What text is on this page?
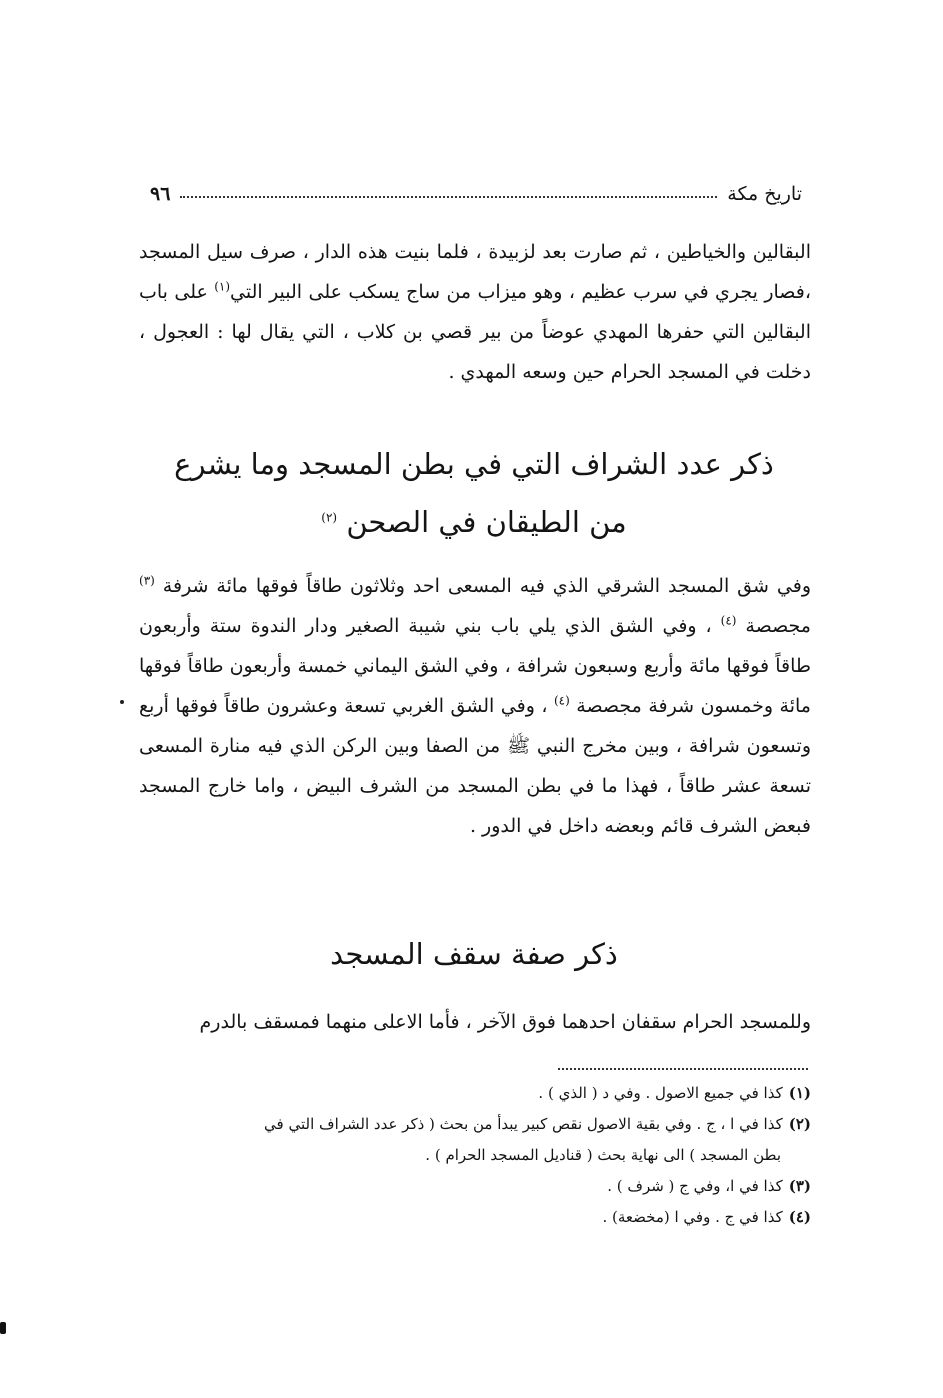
٩٦	تاريخ مكة

البقالين والخياطين ، ثم صارت بعد لزبيدة ، فلما بنيت هذه الدار ، صرف سيل المسجد ،فصار يجري في سرب عظيم ، وهو ميزاب من ساج يسكب على البير التي$^{(١)}$ على باب البقالين التي حفرها المهدي عوضاً من بير قصي بن كلاب ، التي يقال لها : العجول ، دخلت في المسجد الحرام حين وسعه المهدي .

ذكر عدد الشراف التي في بطن المسجد وما يشرع
من الطيقان في الصحن $^{(٢)}$

وفي شق المسجد الشرقي الذي فيه المسعى احد وثلاثون طاقاً فوقها مائة شرفة $^{(٣)}$ مجصصة $^{(٤)}$ ، وفي الشق الذي يلي باب بني شيبة الصغير ودار الندوة ستة وأربعون طاقاً فوقها مائة وأربع وسبعون شرافة ، وفي الشق اليماني خمسة وأربعون طاقاً فوقها مائة وخمسون شرفة مجصصة $^{(٤)}$ ، وفي الشق الغربي تسعة وعشرون طاقاً فوقها أربع وتسعون شرافة ، وبين مخرج النبي ﷺ من الصفا وبين الركن الذي فيه منارة المسعى تسعة عشر طاقاً ، فهذا ما في بطن المسجد من الشرف البيض ، واما خارج المسجد فبعض الشرف قائم وبعضه داخل في الدور .

ذكر صفة سقف المسجد

وللمسجد الحرام سقفان احدهما فوق الآخر ، فأما الاعلى منهما فمسقف بالدرم

(١)كذا في جميع الاصول . وفي د ( الذي ) .

(٢)كذا في ا ، ج . وفي بقية الاصول نقص كبير يبدأ من بحث ( ذكر عدد الشراف التي في
بطن المسجد ) الى نهاية بحث ( قناديل المسجد الحرام ) .

(٣)كذا في ا، وفي ج ( شرف ) .

(٤)كذا في ج . وفي ا (مخضعة) .
